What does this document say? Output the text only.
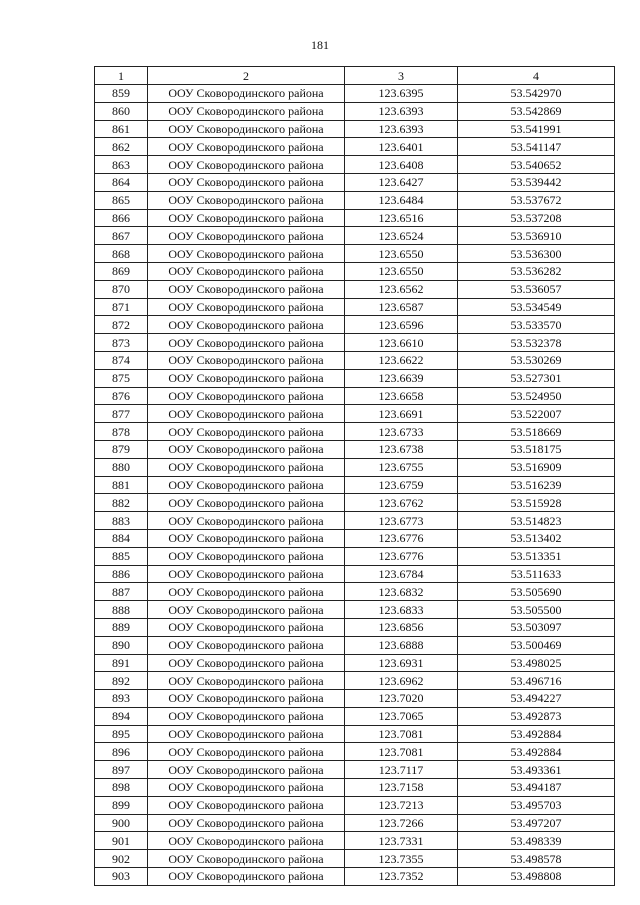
181
1	2	3	4
859	ООУ Сковородинского района	123.6395	53.542970
860	ООУ Сковородинского района	123.6393	53.542869
861	ООУ Сковородинского района	123.6393	53.541991
862	ООУ Сковородинского района	123.6401	53.541147
863	ООУ Сковородинского района	123.6408	53.540652
864	ООУ Сковородинского района	123.6427	53.539442
865	ООУ Сковородинского района	123.6484	53.537672
866	ООУ Сковородинского района	123.6516	53.537208
867	ООУ Сковородинского района	123.6524	53.536910
868	ООУ Сковородинского района	123.6550	53.536300
869	ООУ Сковородинского района	123.6550	53.536282
870	ООУ Сковородинского района	123.6562	53.536057
871	ООУ Сковородинского района	123.6587	53.534549
872	ООУ Сковородинского района	123.6596	53.533570
873	ООУ Сковородинского района	123.6610	53.532378
874	ООУ Сковородинского района	123.6622	53.530269
875	ООУ Сковородинского района	123.6639	53.527301
876	ООУ Сковородинского района	123.6658	53.524950
877	ООУ Сковородинского района	123.6691	53.522007
878	ООУ Сковородинского района	123.6733	53.518669
879	ООУ Сковородинского района	123.6738	53.518175
880	ООУ Сковородинского района	123.6755	53.516909
881	ООУ Сковородинского района	123.6759	53.516239
882	ООУ Сковородинского района	123.6762	53.515928
883	ООУ Сковородинского района	123.6773	53.514823
884	ООУ Сковородинского района	123.6776	53.513402
885	ООУ Сковородинского района	123.6776	53.513351
886	ООУ Сковородинского района	123.6784	53.511633
887	ООУ Сковородинского района	123.6832	53.505690
888	ООУ Сковородинского района	123.6833	53.505500
889	ООУ Сковородинского района	123.6856	53.503097
890	ООУ Сковородинского района	123.6888	53.500469
891	ООУ Сковородинского района	123.6931	53.498025
892	ООУ Сковородинского района	123.6962	53.496716
893	ООУ Сковородинского района	123.7020	53.494227
894	ООУ Сковородинского района	123.7065	53.492873
895	ООУ Сковородинского района	123.7081	53.492884
896	ООУ Сковородинского района	123.7081	53.492884
897	ООУ Сковородинского района	123.7117	53.493361
898	ООУ Сковородинского района	123.7158	53.494187
899	ООУ Сковородинского района	123.7213	53.495703
900	ООУ Сковородинского района	123.7266	53.497207
901	ООУ Сковородинского района	123.7331	53.498339
902	ООУ Сковородинского района	123.7355	53.498578
903	ООУ Сковородинского района	123.7352	53.498808
